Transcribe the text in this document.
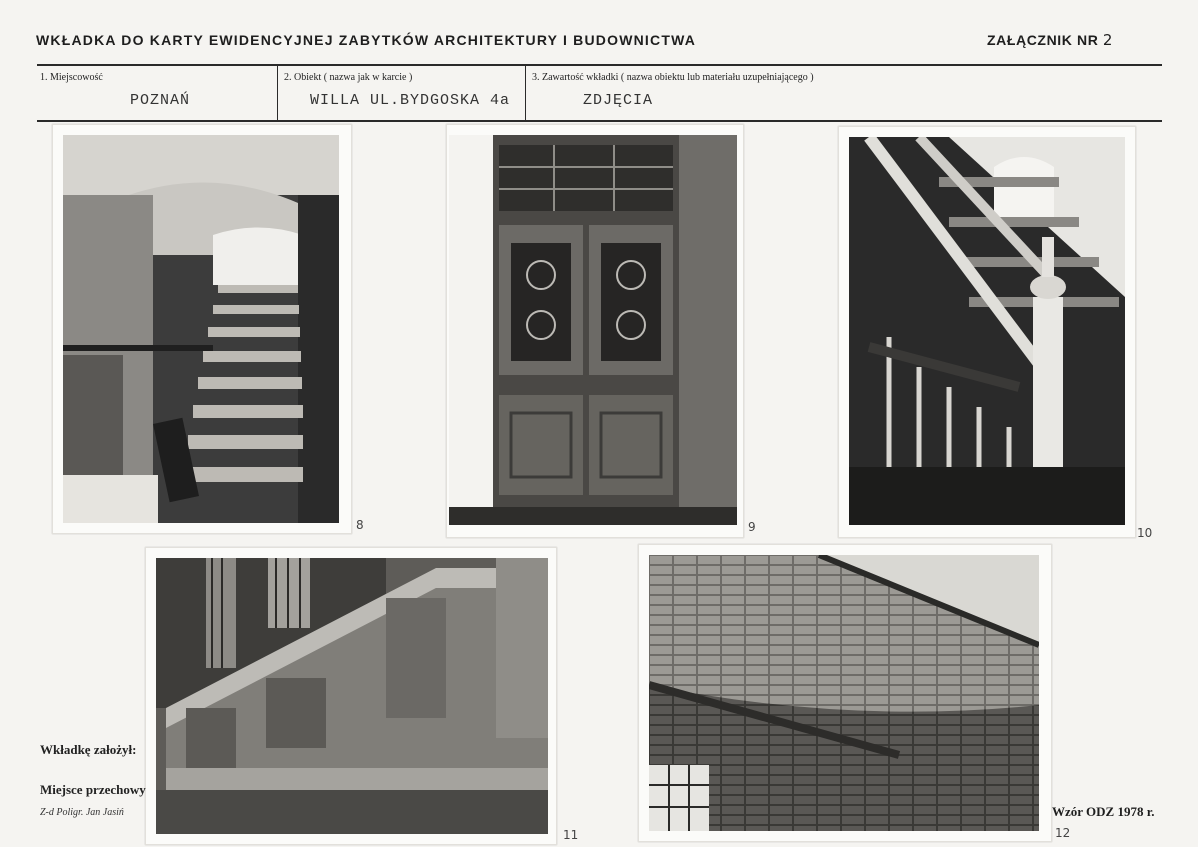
WKŁADKA DO KARTY EWIDENCYJNEJ ZABYTKÓW ARCHITEKTURY I BUDOWNICTWA	ZAŁĄCZNIK NR 2
1. Miejscowość
POZNAŃ
2. Obiekt ( nazwa jak w karcie )
WILLA UL.BYDGOSKA 4a
3. Zawartość wkładki ( nazwa obiektu lub materiału uzupełniającego )
ZDJĘCIA
8	9	10
11	12
Wkładkę założył:
Miejsce przechowy
Z-d Poligr. Jan Jasiń	Wzór ODZ 1978 r.
